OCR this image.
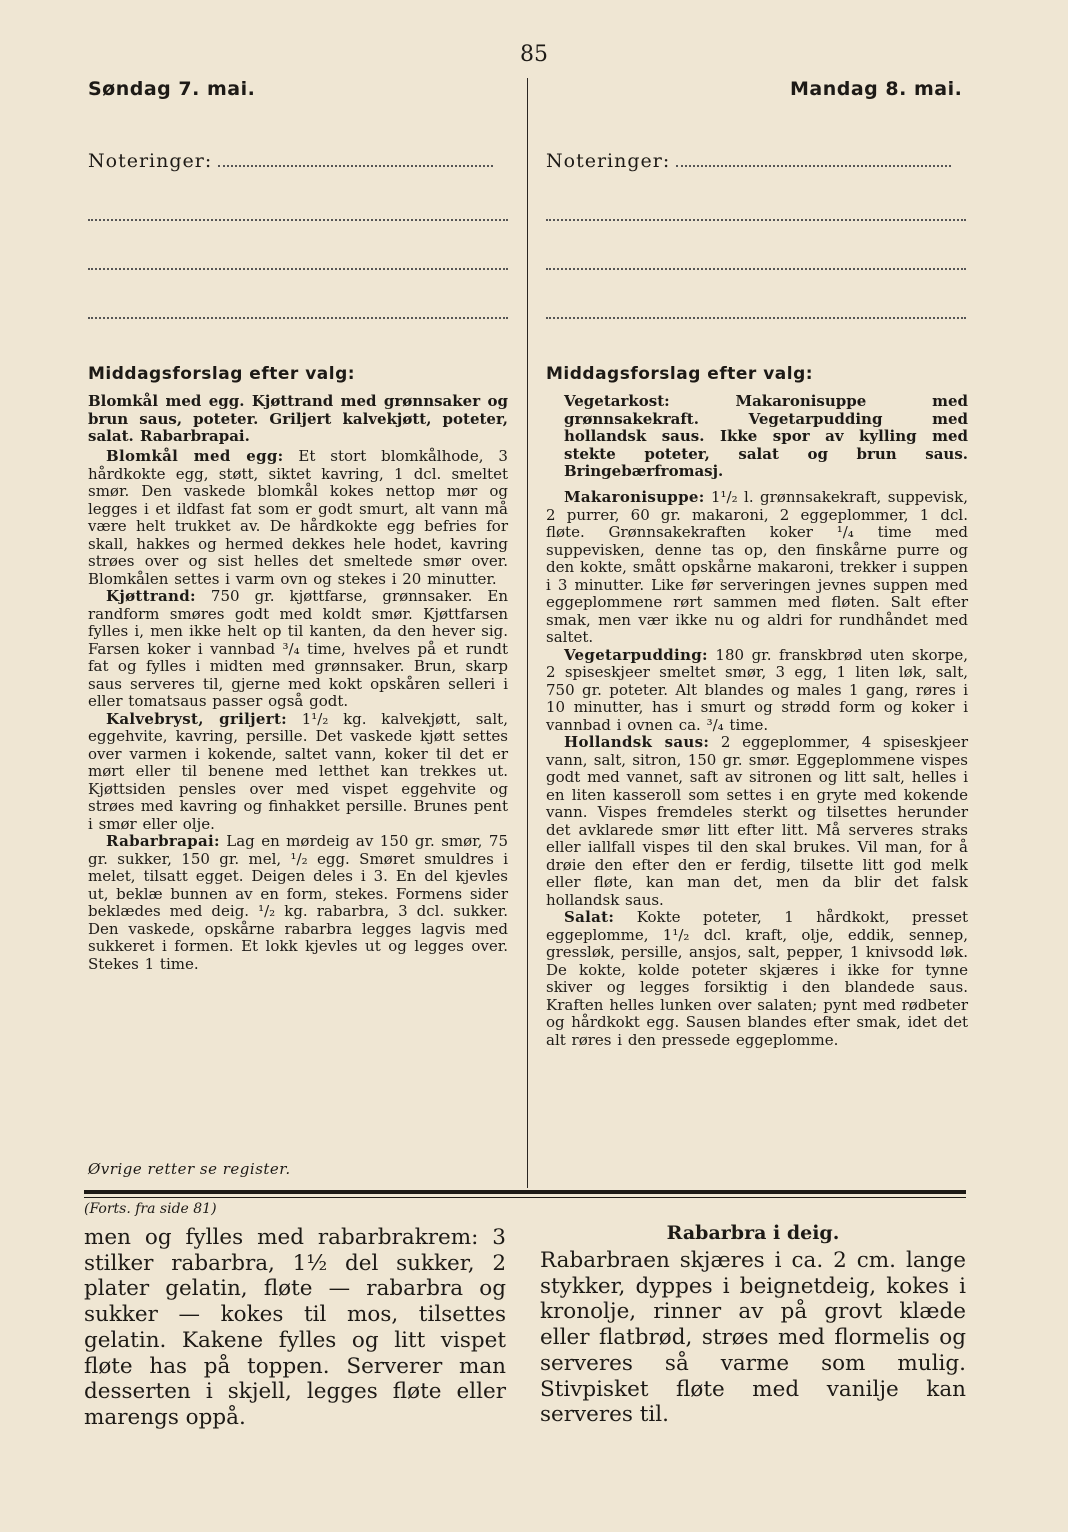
85
Søndag 7. mai.	Mandag 8. mai.
Noteringer:	Noteringer:
Middagsforslag efter valg:	Middagsforslag efter valg:

Blomkål med egg. Kjøttrand med grønnsaker og brun saus, poteter. Griljert kalvekjøtt, poteter, salat. Rabarbrapai.

Blomkål med egg: Et stort blomkålhode, 3 hårdkokte egg, støtt, siktet kavring, 1 dcl. smeltet smør. Den vaskede blomkål kokes nettop mør og legges i et ildfast fat som er godt smurt, alt vann må være helt trukket av. De hårdkokte egg befries for skall, hakkes og hermed dekkes hele hodet, kavring strøes over og sist helles det smeltede smør over. Blomkålen settes i varm ovn og stekes i 20 minutter.

Kjøttrand: 750 gr. kjøttfarse, grønnsaker. En randform smøres godt med koldt smør. Kjøttfarsen fylles i, men ikke helt op til kanten, da den hever sig. Farsen koker i vannbad ³/₄ time, hvelves på et rundt fat og fylles i midten med grønnsaker. Brun, skarp saus serveres til, gjerne med kokt opskåren selleri i eller tomatsaus passer også godt.

Kalvebryst, griljert: 1¹/₂ kg. kalvekjøtt, salt, eggehvite, kavring, persille. Det vaskede kjøtt settes over varmen i kokende, saltet vann, koker til det er mørt eller til benene med letthet kan trekkes ut. Kjøttsiden pensles over med vispet eggehvite og strøes med kavring og finhakket persille. Brunes pent i smør eller olje.

Rabarbrapai: Lag en mørdeig av 150 gr. smør, 75 gr. sukker, 150 gr. mel, ¹/₂ egg. Smøret smuldres i melet, tilsatt egget. Deigen deles i 3. En del kjevles ut, beklæ bunnen av en form, stekes. Formens sider beklædes med deig. ¹/₂ kg. rabarbra, 3 dcl. sukker. Den vaskede, opskårne rabarbra legges lagvis med sukkeret i formen. Et lokk kjevles ut og legges over. Stekes 1 time.

Øvrige retter se register.

Vegetarkost: Makaronisuppe med grønnsakekraft. Vegetarpudding med hollandsk saus. Ikke spor av kylling med stekte poteter, salat og brun saus. Bringebærfromasj.

Makaronisuppe: 1¹/₂ l. grønnsakekraft, suppevisk, 2 purrer, 60 gr. makaroni, 2 eggeplommer, 1 dcl. fløte. Grønnsakekraften koker ¹/₄ time med suppevisken, denne tas op, den finskårne purre og den kokte, smått opskårne makaroni, trekker i suppen i 3 minutter. Like før serveringen jevnes suppen med eggeplommene rørt sammen med fløten. Salt efter smak, men vær ikke nu og aldri for rundhåndet med saltet.

Vegetarpudding: 180 gr. franskbrød uten skorpe, 2 spiseskjeer smeltet smør, 3 egg, 1 liten løk, salt, 750 gr. poteter. Alt blandes og males 1 gang, røres i 10 minutter, has i smurt og strødd form og koker i vannbad i ovnen ca. ³/₄ time.

Hollandsk saus: 2 eggeplommer, 4 spiseskjeer vann, salt, sitron, 150 gr. smør. Eggeplommene vispes godt med vannet, saft av sitronen og litt salt, helles i en liten kasseroll som settes i en gryte med kokende vann. Vispes fremdeles sterkt og tilsettes herunder det avklarede smør litt efter litt. Må serveres straks eller iallfall vispes til den skal brukes. Vil man, for å drøie den efter den er ferdig, tilsette litt god melk eller fløte, kan man det, men da blir det falsk hollandsk saus.

Salat: Kokte poteter, 1 hårdkokt, presset eggeplomme, 1¹/₂ dcl. kraft, olje, eddik, sennep, gressløk, persille, ansjos, salt, pepper, 1 knivsodd løk. De kokte, kolde poteter skjæres i ikke for tynne skiver og legges forsiktig i den blandede saus. Kraften helles lunken over salaten; pynt med rødbeter og hårdkokt egg. Sausen blandes efter smak, idet det alt røres i den pressede eggeplomme.

(Forts. fra side 81)
men og fylles med rabarbrakrem: 3 stilker rabarbra, 1½ del sukker, 2 plater gelatin, fløte — rabarbra og sukker — kokes til mos, tilsettes gelatin. Kakene fylles og litt vispet fløte has på toppen. Serverer man desserten i skjell, legges fløte eller marengs oppå.
Rabarbra i deig.
Rabarbraen skjæres i ca. 2 cm. lange stykker, dyppes i beignetdeig, kokes i kronolje, rinner av på grovt klæde eller flatbrød, strøes med flormelis og serveres så varme som mulig. Stivpisket fløte med vanilje kan serveres til.
